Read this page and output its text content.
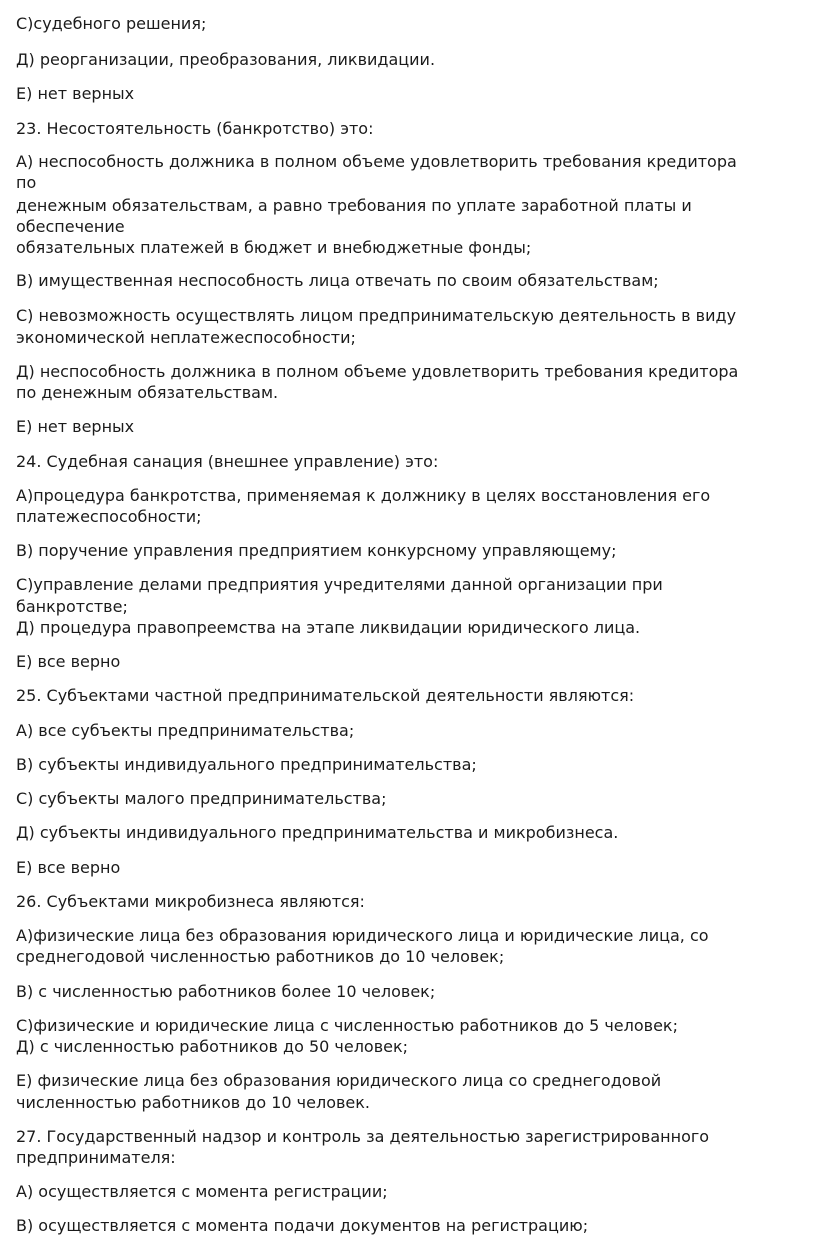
С)судебного решения;
Д) реорганизации, преобразования, ликвидации.
Е) нет верных
23. Несостоятельность (банкротство) это:
А) неспособность должника в полном объеме удовлетворить требования кредитора
по
денежным обязательствам, а равно требования по уплате заработной платы и
обеспечение
обязательных платежей в бюджет и внебюджетные фонды;
В) имущественная неспособность лица отвечать по своим обязательствам;
С) невозможность осуществлять лицом предпринимательскую деятельность в виду
экономической неплатежеспособности;
Д) неспособность должника в полном объеме удовлетворить требования кредитора
по денежным обязательствам.
Е) нет верных
24. Судебная санация (внешнее управление) это:
А)процедура банкротства, применяемая к должнику в целях восстановления его
платежеспособности;
В) поручение управления предприятием конкурсному управляющему;
С)управление делами предприятия учредителями данной организации при
банкротстве;
Д) процедура правопреемства на этапе ликвидации юридического лица.
Е) все верно
25. Субъектами частной предпринимательской деятельности являются:
А) все субъекты предпринимательства;
В) субъекты индивидуального предпринимательства;
С) субъекты малого предпринимательства;
Д) субъекты индивидуального предпринимательства и микробизнеса.
Е) все верно
26. Субъектами микробизнеса являются:
А)физические лица без образования юридического лица и юридические лица, со
среднегодовой численностью работников до 10 человек;
В) с численностью работников более 10 человек;
С)физические и юридические лица с численностью работников до 5 человек;
Д) с численностью работников до 50 человек;
Е) физические лица без образования юридического лица со среднегодовой
численностью работников до 10 человек.
27. Государственный надзор и контроль за деятельностью зарегистрированного
предпринимателя:
А) осуществляется с момента регистрации;
В) осуществляется с момента подачи документов на регистрацию;
